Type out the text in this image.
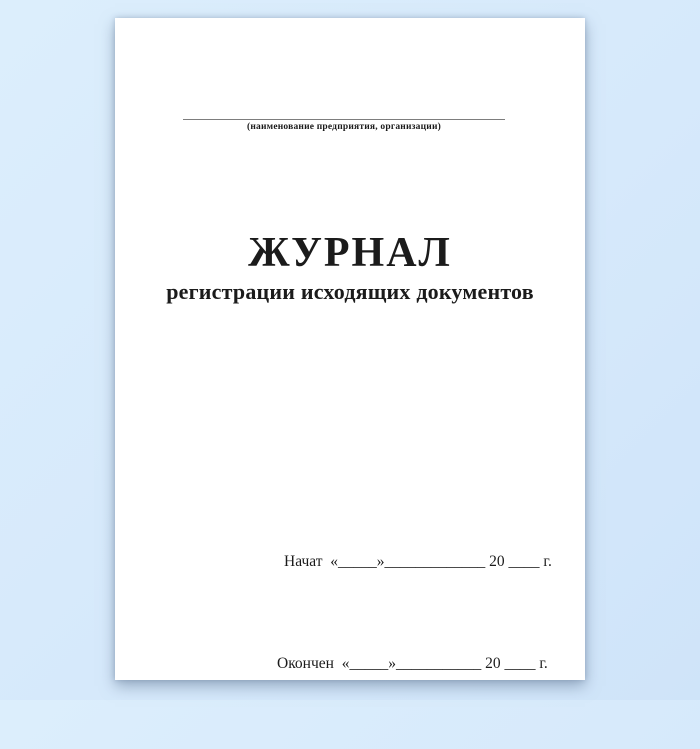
(наименование предприятия, организации)
ЖУРНАЛ
регистрации исходящих документов

Начат  «_____»_____________ 20 ____ г.

Окончен  «_____»___________ 20 ____ г.
